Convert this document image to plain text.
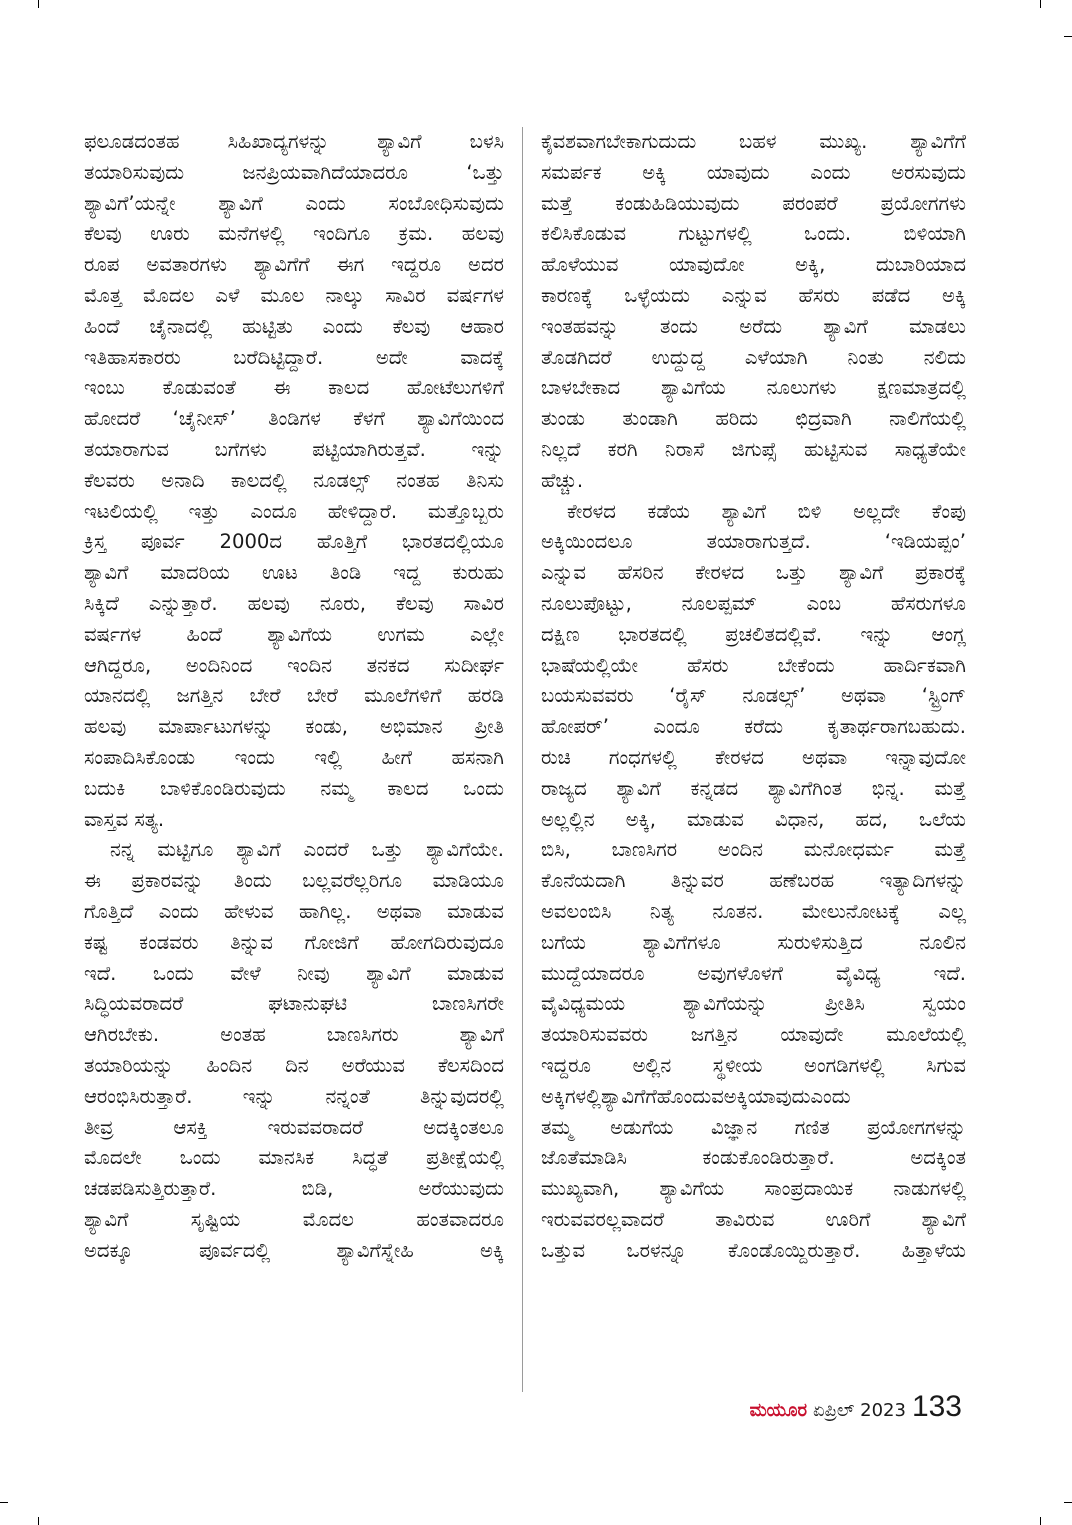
ಫಲೂಡದಂತಹ ಸಿಹಿಖಾದ್ಯಗಳನ್ನು ಶ್ಯಾವಿಗೆ ಬಳಸಿ
ತಯಾರಿಸುವುದು ಜನಪ್ರಿಯವಾಗಿದೆಯಾದರೂ ‘ಒತ್ತು
ಶ್ಯಾವಿಗೆ’ಯನ್ನೇ ಶ್ಯಾವಿಗೆ ಎಂದು ಸಂಬೋಧಿಸುವುದು
ಕೆಲವು ಊರು ಮನೆಗಳಲ್ಲಿ ಇಂದಿಗೂ ಕ್ರಮ. ಹಲವು
ರೂಪ ಅವತಾರಗಳು ಶ್ಯಾವಿಗೆಗೆ ಈಗ ಇದ್ದರೂ ಅದರ
ಮೊತ್ತ ಮೊದಲ ಎಳೆ ಮೂಲ ನಾಲ್ಕು ಸಾವಿರ ವರ್ಷಗಳ
ಹಿಂದೆ ಚೈನಾದಲ್ಲಿ ಹುಟ್ಟಿತು ಎಂದು ಕೆಲವು ಆಹಾರ
ಇತಿಹಾಸಕಾರರು ಬರೆದಿಟ್ಟಿದ್ದಾರೆ. ಅದೇ ವಾದಕ್ಕೆ
ಇಂಬು ಕೊಡುವಂತೆ ಈ ಕಾಲದ ಹೋಟೆಲುಗಳಿಗೆ
ಹೋದರೆ ‘ಚೈನೀಸ್’ ತಿಂಡಿಗಳ ಕೆಳಗೆ ಶ್ಯಾವಿಗೆಯಿಂದ
ತಯಾರಾಗುವ ಬಗೆಗಳು ಪಟ್ಟಿಯಾಗಿರುತ್ತವೆ. ಇನ್ನು
ಕೆಲವರು ಅನಾದಿ ಕಾಲದಲ್ಲಿ ನೂಡಲ್ಸ್ ನಂತಹ ತಿನಿಸು
ಇಟಲಿಯಲ್ಲಿ ಇತ್ತು ಎಂದೂ ಹೇಳಿದ್ದಾರೆ. ಮತ್ತೊಬ್ಬರು
ಕ್ರಿಸ್ತ ಪೂರ್ವ 2000ದ ಹೊತ್ತಿಗೆ ಭಾರತದಲ್ಲಿಯೂ
ಶ್ಯಾವಿಗೆ ಮಾದರಿಯ ಊಟ ತಿಂಡಿ ಇದ್ದ ಕುರುಹು
ಸಿಕ್ಕಿದೆ ಎನ್ನುತ್ತಾರೆ. ಹಲವು ನೂರು, ಕೆಲವು ಸಾವಿರ
ವರ್ಷಗಳ ಹಿಂದೆ ಶ್ಯಾವಿಗೆಯ ಉಗಮ ಎಲ್ಲೇ
ಆಗಿದ್ದರೂ, ಅಂದಿನಿಂದ ಇಂದಿನ ತನಕದ ಸುದೀರ್ಘ
ಯಾನದಲ್ಲಿ ಜಗತ್ತಿನ ಬೇರೆ ಬೇರೆ ಮೂಲೆಗಳಿಗೆ ಹರಡಿ
ಹಲವು ಮಾರ್ಪಾಟುಗಳನ್ನು ಕಂಡು, ಅಭಿಮಾನ ಪ್ರೀತಿ
ಸಂಪಾದಿಸಿಕೊಂಡು ಇಂದು ಇಲ್ಲಿ ಹೀಗೆ ಹಸನಾಗಿ
ಬದುಕಿ ಬಾಳಿಕೊಂಡಿರುವುದು ನಮ್ಮ ಕಾಲದ ಒಂದು
ವಾಸ್ತವ ಸತ್ಯ.

ನನ್ನ ಮಟ್ಟಿಗೂ ಶ್ಯಾವಿಗೆ ಎಂದರೆ ಒತ್ತು ಶ್ಯಾವಿಗೆಯೇ.
ಈ ಪ್ರಕಾರವನ್ನು ತಿಂದು ಬಲ್ಲವರೆಲ್ಲರಿಗೂ ಮಾಡಿಯೂ
ಗೊತ್ತಿದೆ ಎಂದು ಹೇಳುವ ಹಾಗಿಲ್ಲ. ಅಥವಾ ಮಾಡುವ
ಕಷ್ಟ ಕಂಡವರು ತಿನ್ನುವ ಗೋಜಿಗೆ ಹೋಗದಿರುವುದೂ
ಇದೆ. ಒಂದು ವೇಳೆ ನೀವು ಶ್ಯಾವಿಗೆ ಮಾಡುವ
ಸಿದ್ಧಿಯವರಾದರೆ ಘಟಾನುಘಟಿ ಬಾಣಸಿಗರೇ
ಆಗಿರಬೇಕು. ಅಂತಹ ಬಾಣಸಿಗರು ಶ್ಯಾವಿಗೆ
ತಯಾರಿಯನ್ನು ಹಿಂದಿನ ದಿನ ಅರೆಯುವ ಕೆಲಸದಿಂದ
ಆರಂಭಿಸಿರುತ್ತಾರೆ. ಇನ್ನು ನನ್ನಂತೆ ತಿನ್ನುವುದರಲ್ಲಿ
ತೀವ್ರ ಆಸಕ್ತಿ ಇರುವವರಾದರೆ ಅದಕ್ಕಿಂತಲೂ
ಮೊದಲೇ ಒಂದು ಮಾನಸಿಕ ಸಿದ್ಧತೆ ಪ್ರತೀಕ್ಷೆಯಲ್ಲಿ
ಚಡಪಡಿಸುತ್ತಿರುತ್ತಾರೆ. ಬಿಡಿ, ಅರೆಯುವುದು
ಶ್ಯಾವಿಗೆ ಸೃಷ್ಟಿಯ ಮೊದಲ ಹಂತವಾದರೂ
ಅದಕ್ಕೂ ಪೂರ್ವದಲ್ಲಿ ಶ್ಯಾವಿಗೆಸ್ನೇಹಿ ಅಕ್ಕಿ

ಕೈವಶವಾಗಬೇಕಾಗುದುದು ಬಹಳ ಮುಖ್ಯ. ಶ್ಯಾವಿಗೆಗೆ
ಸಮರ್ಪಕ ಅಕ್ಕಿ ಯಾವುದು ಎಂದು ಅರಸುವುದು
ಮತ್ತೆ ಕಂಡುಹಿಡಿಯುವುದು ಪರಂಪರೆ ಪ್ರಯೋಗಗಳು
ಕಲಿಸಿಕೊಡುವ ಗುಟ್ಟುಗಳಲ್ಲಿ ಒಂದು. ಬಿಳಿಯಾಗಿ
ಹೊಳೆಯುವ ಯಾವುದೋ ಅಕ್ಕಿ, ದುಬಾರಿಯಾದ
ಕಾರಣಕ್ಕೆ ಒಳ್ಳೆಯದು ಎನ್ನುವ ಹೆಸರು ಪಡೆದ ಅಕ್ಕಿ
ಇಂತಹವನ್ನು ತಂದು ಅರೆದು ಶ್ಯಾವಿಗೆ ಮಾಡಲು
ತೊಡಗಿದರೆ ಉದ್ದುದ್ದ ಎಳೆಯಾಗಿ ನಿಂತು ನಲಿದು
ಬಾಳಬೇಕಾದ ಶ್ಯಾವಿಗೆಯ ನೂಲುಗಳು ಕ್ಷಣಮಾತ್ರದಲ್ಲಿ
ತುಂಡು ತುಂಡಾಗಿ ಹರಿದು ಛಿದ್ರವಾಗಿ ನಾಲಿಗೆಯಲ್ಲಿ
ನಿಲ್ಲದೆ ಕರಗಿ ನಿರಾಸೆ ಜಿಗುಪ್ಸೆ ಹುಟ್ಟಿಸುವ ಸಾಧ್ಯತೆಯೇ
ಹೆಚ್ಚು.

ಕೇರಳದ ಕಡೆಯ ಶ್ಯಾವಿಗೆ ಬಿಳಿ ಅಲ್ಲದೇ ಕೆಂಪು
ಅಕ್ಕಿಯಿಂದಲೂ ತಯಾರಾಗುತ್ತದೆ. ‘ಇಡಿಯಪ್ಪಂ’
ಎನ್ನುವ ಹೆಸರಿನ ಕೇರಳದ ಒತ್ತು ಶ್ಯಾವಿಗೆ ಪ್ರಕಾರಕ್ಕೆ
ನೂಲುಪೊಟ್ಟು, ನೂಲಪ್ಪಮ್ ಎಂಬ ಹೆಸರುಗಳೂ
ದಕ್ಷಿಣ ಭಾರತದಲ್ಲಿ ಪ್ರಚಲಿತದಲ್ಲಿವೆ. ಇನ್ನು ಆಂಗ್ಲ
ಭಾಷೆಯಲ್ಲಿಯೇ ಹೆಸರು ಬೇಕೆಂದು ಹಾರ್ದಿಕವಾಗಿ
ಬಯಸುವವರು ‘ರೈಸ್ ನೂಡಲ್ಸ್’ ಅಥವಾ ‘ಸ್ಟ್ರಿಂಗ್
ಹೋಪರ್’ ಎಂದೂ ಕರೆದು ಕೃತಾರ್ಥರಾಗಬಹುದು.
ರುಚಿ ಗಂಧಗಳಲ್ಲಿ ಕೇರಳದ ಅಥವಾ ಇನ್ನಾವುದೋ
ರಾಜ್ಯದ ಶ್ಯಾವಿಗೆ ಕನ್ನಡದ ಶ್ಯಾವಿಗೆಗಿಂತ ಭಿನ್ನ. ಮತ್ತೆ
ಅಲ್ಲಲ್ಲಿನ ಅಕ್ಕಿ, ಮಾಡುವ ವಿಧಾನ, ಹದ, ಒಲೆಯ
ಬಿಸಿ, ಬಾಣಸಿಗರ ಅಂದಿನ ಮನೋಧರ್ಮ ಮತ್ತೆ
ಕೊನೆಯದಾಗಿ ತಿನ್ನುವರ ಹಣೆಬರಹ ಇತ್ಯಾದಿಗಳನ್ನು
ಅವಲಂಬಿಸಿ ನಿತ್ಯ ನೂತನ. ಮೇಲುನೋಟಕ್ಕೆ ಎಲ್ಲ
ಬಗೆಯ ಶ್ಯಾವಿಗೆಗಳೂ ಸುರುಳಿಸುತ್ತಿದ ನೂಲಿನ
ಮುದ್ದೆಯಾದರೂ ಅವುಗಳೊಳಗೆ ವೈವಿಧ್ಯ ಇದೆ.
ವೈವಿಧ್ಯಮಯ ಶ್ಯಾವಿಗೆಯನ್ನು ಪ್ರೀತಿಸಿ ಸ್ವಯಂ
ತಯಾರಿಸುವವರು ಜಗತ್ತಿನ ಯಾವುದೇ ಮೂಲೆಯಲ್ಲಿ
ಇದ್ದರೂ ಅಲ್ಲಿನ ಸ್ಥಳೀಯ ಅಂಗಡಿಗಳಲ್ಲಿ ಸಿಗುವ
ಅಕ್ಕಿಗಳಲ್ಲಿಶ್ಯಾವಿಗೆಗೆಹೊಂದುವಅಕ್ಕಿಯಾವುದುಎಂದು
ತಮ್ಮ ಅಡುಗೆಯ ವಿಜ್ಞಾನ ಗಣಿತ ಪ್ರಯೋಗಗಳನ್ನು
ಜೊತೆಮಾಡಿಸಿ ಕಂಡುಕೊಂಡಿರುತ್ತಾರೆ. ಅದಕ್ಕಿಂತ
ಮುಖ್ಯವಾಗಿ, ಶ್ಯಾವಿಗೆಯ ಸಾಂಪ್ರದಾಯಿಕ ನಾಡುಗಳಲ್ಲಿ
ಇರುವವರಲ್ಲವಾದರೆ ತಾವಿರುವ ಊರಿಗೆ ಶ್ಯಾವಿಗೆ
ಒತ್ತುವ ಒರಳನ್ನೂ ಕೊಂಡೊಯ್ದಿರುತ್ತಾರೆ. ಹಿತ್ತಾಳೆಯ

ಮಯೂರ ಏಪ್ರಿಲ್ 2023 133
